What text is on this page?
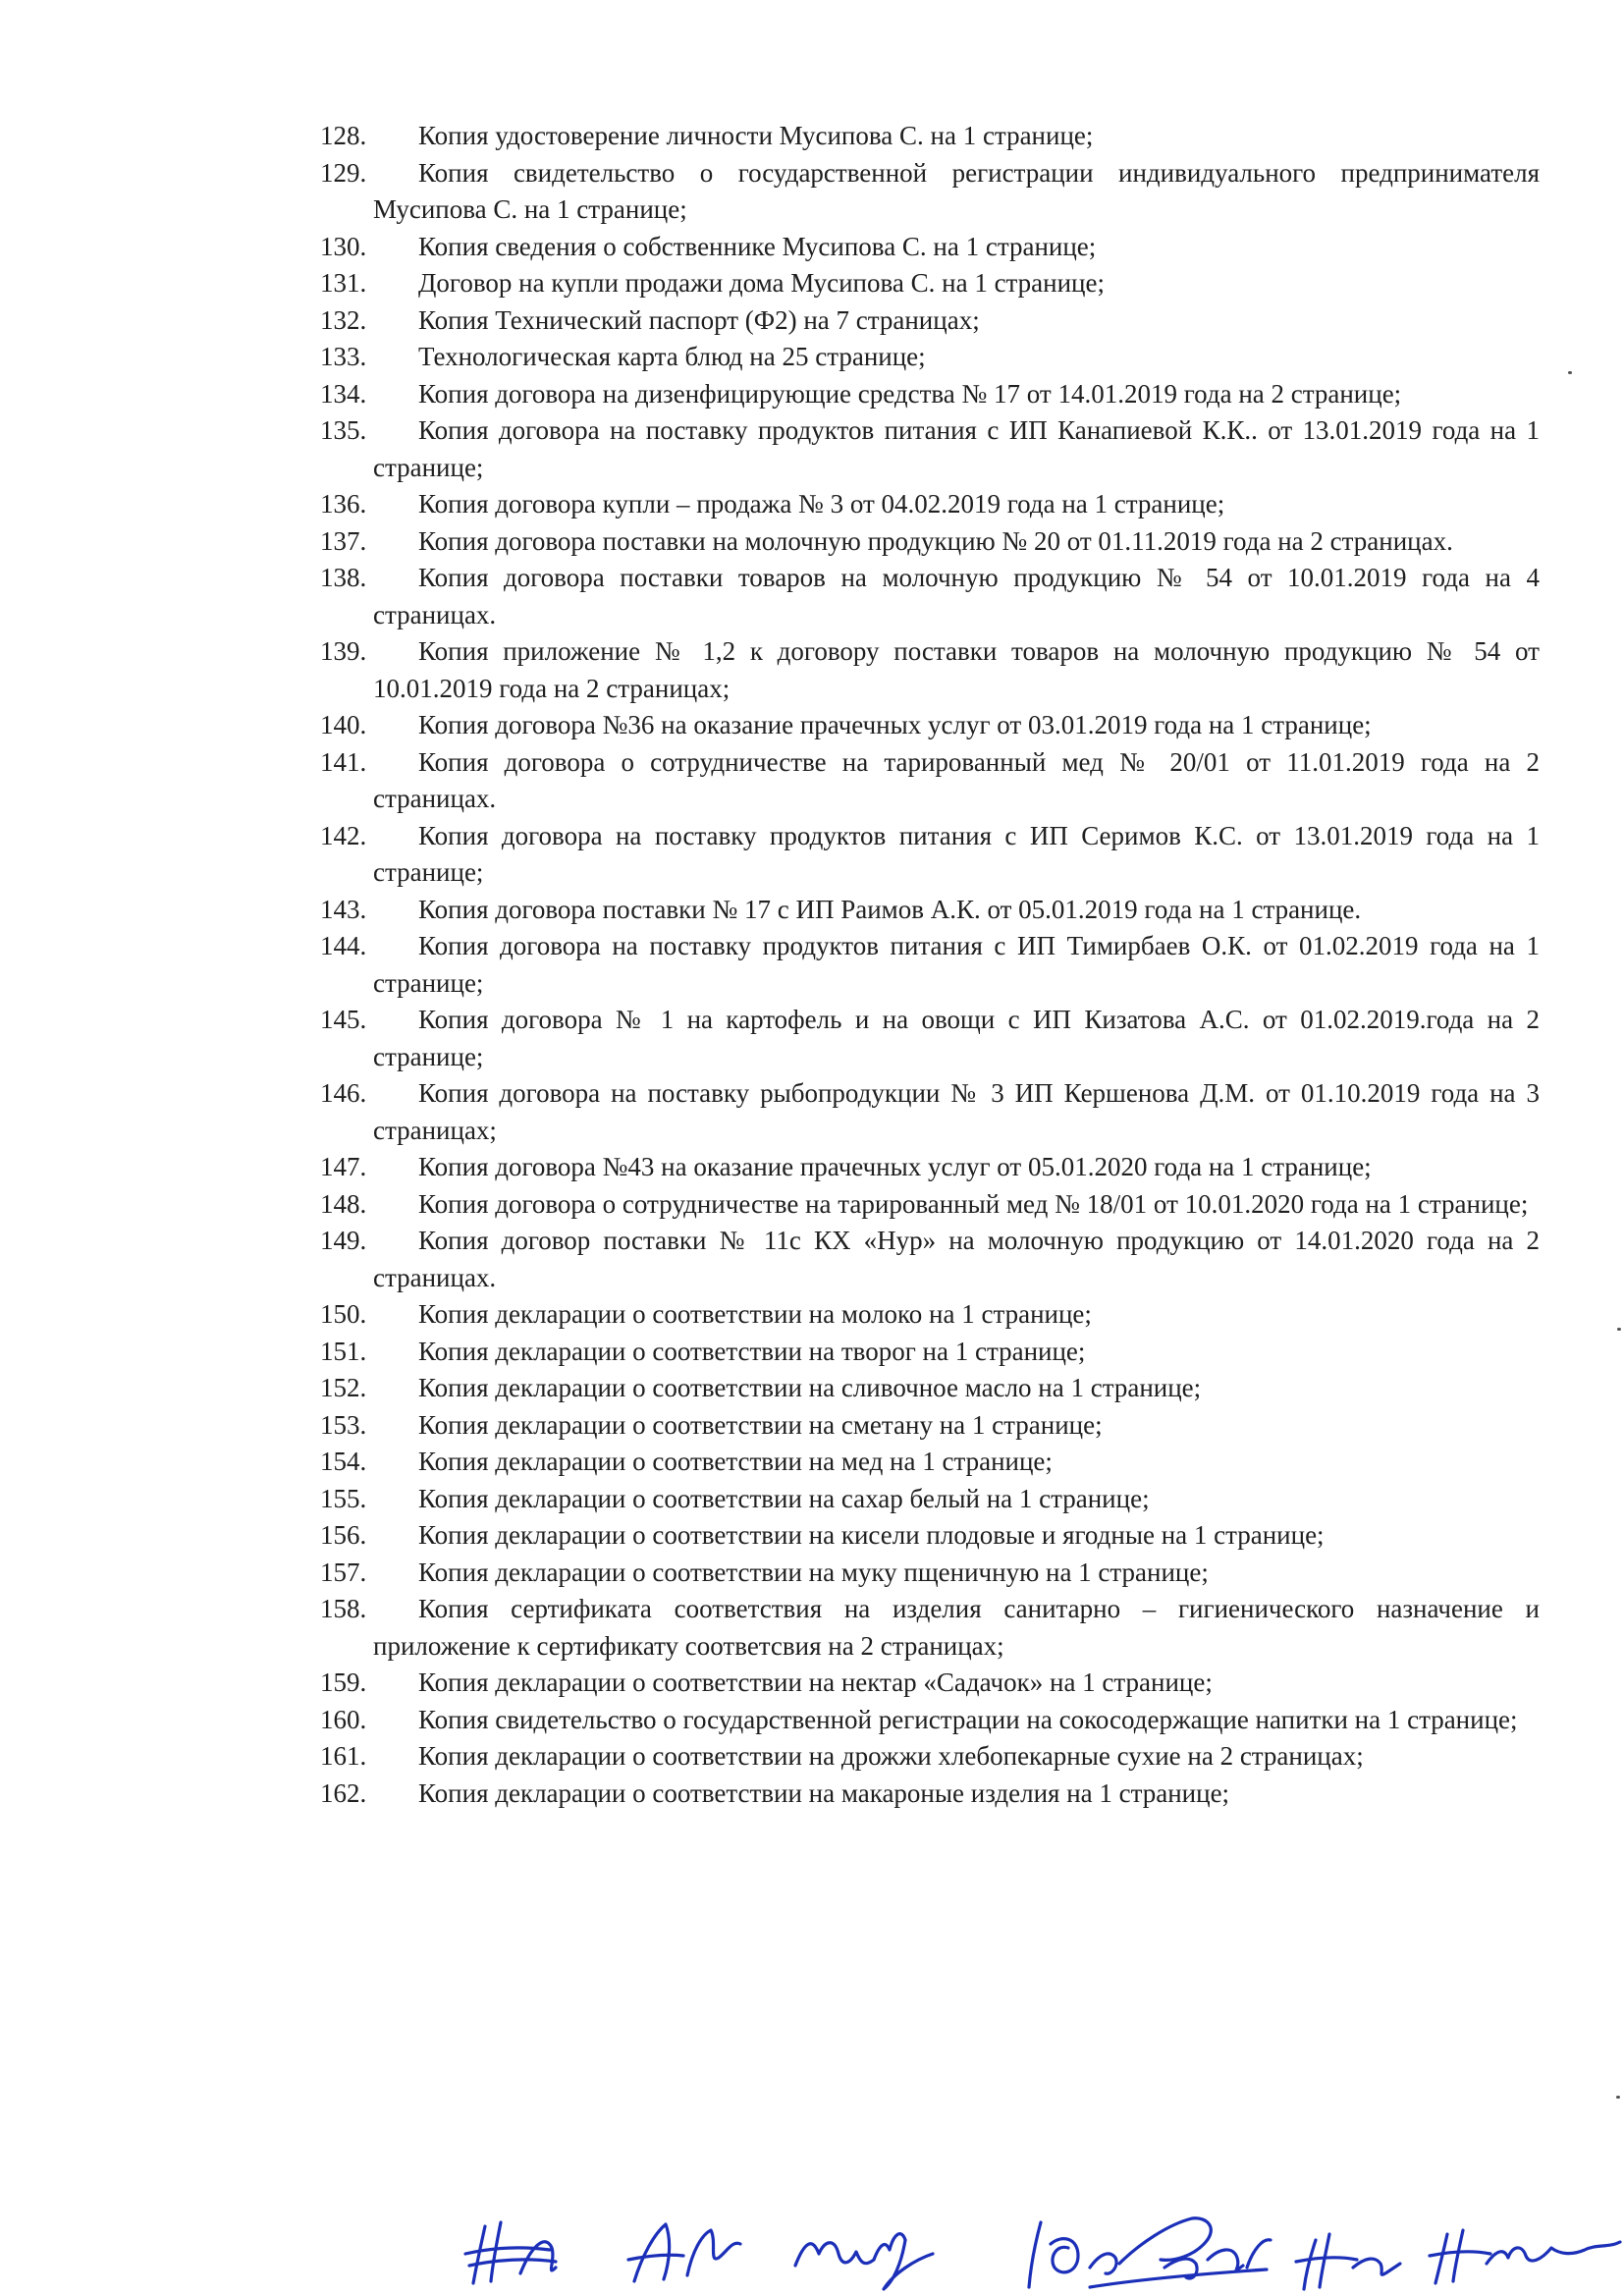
128.	Копия удостоверение личности Мусипова С. на 1 странице;
129.	Копия свидетельство о государственной регистрации индивидуального предпринимателя Мусипова С. на 1 странице;
130.	Копия сведения о собственнике Мусипова С. на 1 странице;
131.	Договор на купли продажи дома Мусипова С. на 1 странице;
132.	Копия Технический паспорт (Ф2) на 7 страницах;
133.	Технологическая карта блюд на 25 странице;
134.	Копия договора на дизенфицирующие средства № 17 от 14.01.2019 года на 2 странице;
135.	Копия договора на поставку продуктов питания с ИП Канапиевой К.К.. от 13.01.2019 года на 1 странице;
136.	Копия договора купли – продажа № 3 от 04.02.2019 года на 1 странице;
137.	Копия договора поставки на молочную продукцию № 20 от 01.11.2019 года на 2 страницах.
138.	Копия договора поставки товаров на молочную продукцию № 54 от 10.01.2019 года на 4 страницах.
139.	Копия приложение № 1,2 к договору поставки товаров на молочную продукцию № 54 от 10.01.2019 года на 2 страницах;
140.	Копия договора №36 на оказание прачечных услуг от 03.01.2019 года на 1 странице;
141.	Копия договора о сотрудничестве на тарированный мед № 20/01 от 11.01.2019 года на 2 страницах.
142.	Копия договора на поставку продуктов питания с ИП Серимов К.С. от 13.01.2019 года на 1 странице;
143.	Копия договора поставки № 17 с ИП Раимов А.К. от 05.01.2019 года на 1 странице.
144.	Копия договора на поставку продуктов питания с ИП Тимирбаев О.К. от 01.02.2019 года на 1 странице;
145.	Копия договора № 1 на картофель и на овощи с ИП Кизатова А.С. от 01.02.2019.года на 2 странице;
146.	Копия договора на поставку рыбопродукции № 3 ИП Кершенова Д.М. от 01.10.2019 года на 3 страницах;
147.	Копия договора №43 на оказание прачечных услуг от 05.01.2020 года на 1 странице;
148.	Копия договора о сотрудничестве на тарированный мед № 18/01 от 10.01.2020 года на 1 странице;
149.	Копия договор поставки № 11с КХ «Нур» на молочную продукцию от 14.01.2020 года на 2 страницах.
150.	Копия декларации о соответствии на молоко на 1 странице;
151.	Копия декларации о соответствии на творог на 1 странице;
152.	Копия декларации о соответствии на сливочное масло на 1 странице;
153.	Копия декларации о соответствии на сметану на 1 странице;
154.	Копия декларации о соответствии на мед на 1 странице;
155.	Копия декларации о соответствии на сахар белый на 1 странице;
156.	Копия декларации о соответствии на кисели плодовые и ягодные на 1 странице;
157.	Копия декларации о соответствии на муку пщеничную на 1 странице;
158.	Копия сертификата соответствия на изделия санитарно – гигиенического назначение и приложение к сертификату соответсвия на 2 страницах;
159.	Копия декларации о соответствии на нектар «Садачок» на 1 странице;
160.	Копия свидетельство о государственной регистрации на сокосодержащие напитки на 1 странице;
161.	Копия декларации о соответствии на дрожжи хлебопекарные сухие на 2 страницах;
162.	Копия декларации о соответствии на макароные изделия на 1 странице;
